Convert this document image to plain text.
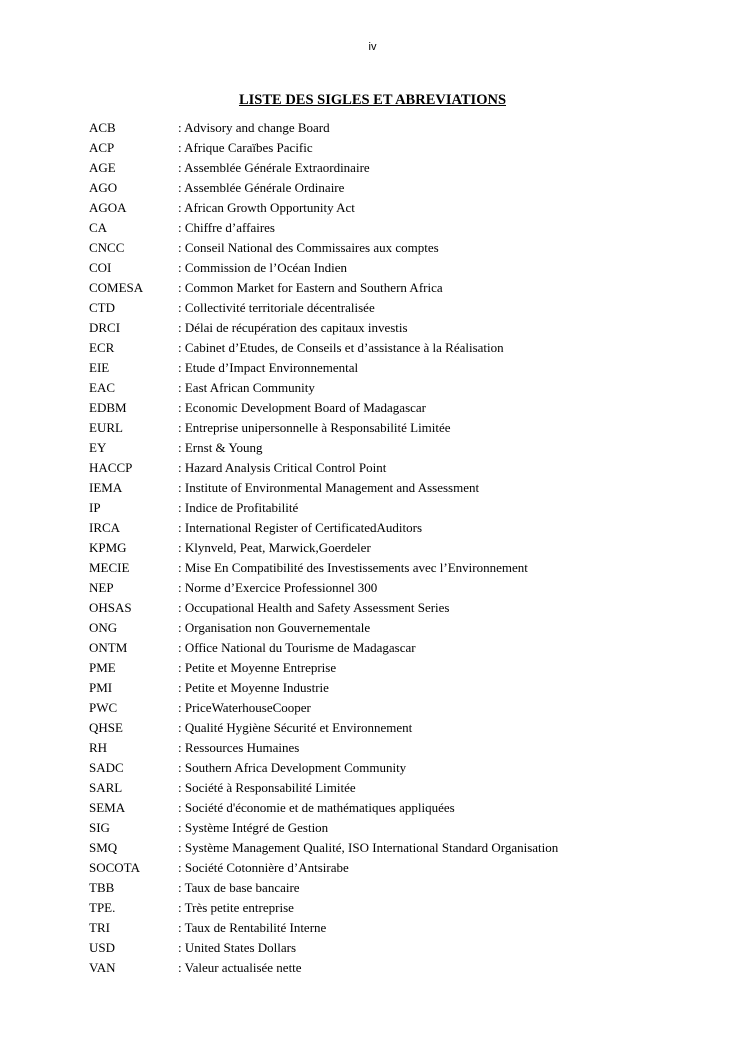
iv
LISTE DES SIGLES ET ABREVIATIONS
ACB	: Advisory and change Board
ACP	: Afrique Caraïbes Pacific
AGE	: Assemblée Générale Extraordinaire
AGO	: Assemblée Générale Ordinaire
AGOA	: African Growth Opportunity Act
CA	: Chiffre d’affaires
CNCC	: Conseil National des Commissaires aux comptes
COI	: Commission de l’Océan Indien
COMESA	: Common Market for Eastern and Southern Africa
CTD	: Collectivité territoriale décentralisée
DRCI	: Délai de récupération des capitaux investis
ECR	: Cabinet d’Etudes, de Conseils et d’assistance à la Réalisation
EIE	: Etude d’Impact Environnemental
EAC	: East African Community
EDBM	: Economic Development Board of Madagascar
EURL	: Entreprise unipersonnelle à Responsabilité Limitée
EY	: Ernst & Young
HACCP	: Hazard Analysis Critical Control Point
IEMA	: Institute of Environmental Management and Assessment
IP	: Indice de Profitabilité
IRCA	: International Register of CertificatedAuditors
KPMG	: Klynveld, Peat, Marwick,Goerdeler
MECIE	: Mise En Compatibilité des Investissements avec l’Environnement
NEP	: Norme d’Exercice Professionnel 300
OHSAS	: Occupational Health and Safety Assessment Series
ONG	: Organisation non Gouvernementale
ONTM	: Office National du Tourisme de Madagascar
PME	: Petite et Moyenne Entreprise
PMI	: Petite et Moyenne Industrie
PWC	: PriceWaterhouseCooper
QHSE	: Qualité Hygiène Sécurité et Environnement
RH	: Ressources Humaines
SADC	: Southern Africa Development Community
SARL	: Société à Responsabilité Limitée
SEMA	: Société d'économie et de mathématiques appliquées
SIG	: Système Intégré de Gestion
SMQ	: Système Management Qualité, ISO International Standard Organisation
SOCOTA	: Société Cotonnière d’Antsirabe
TBB	: Taux de base bancaire
TPE.	: Très petite entreprise
TRI	: Taux de Rentabilité Interne
USD	: United States Dollars
VAN	: Valeur actualisée nette
